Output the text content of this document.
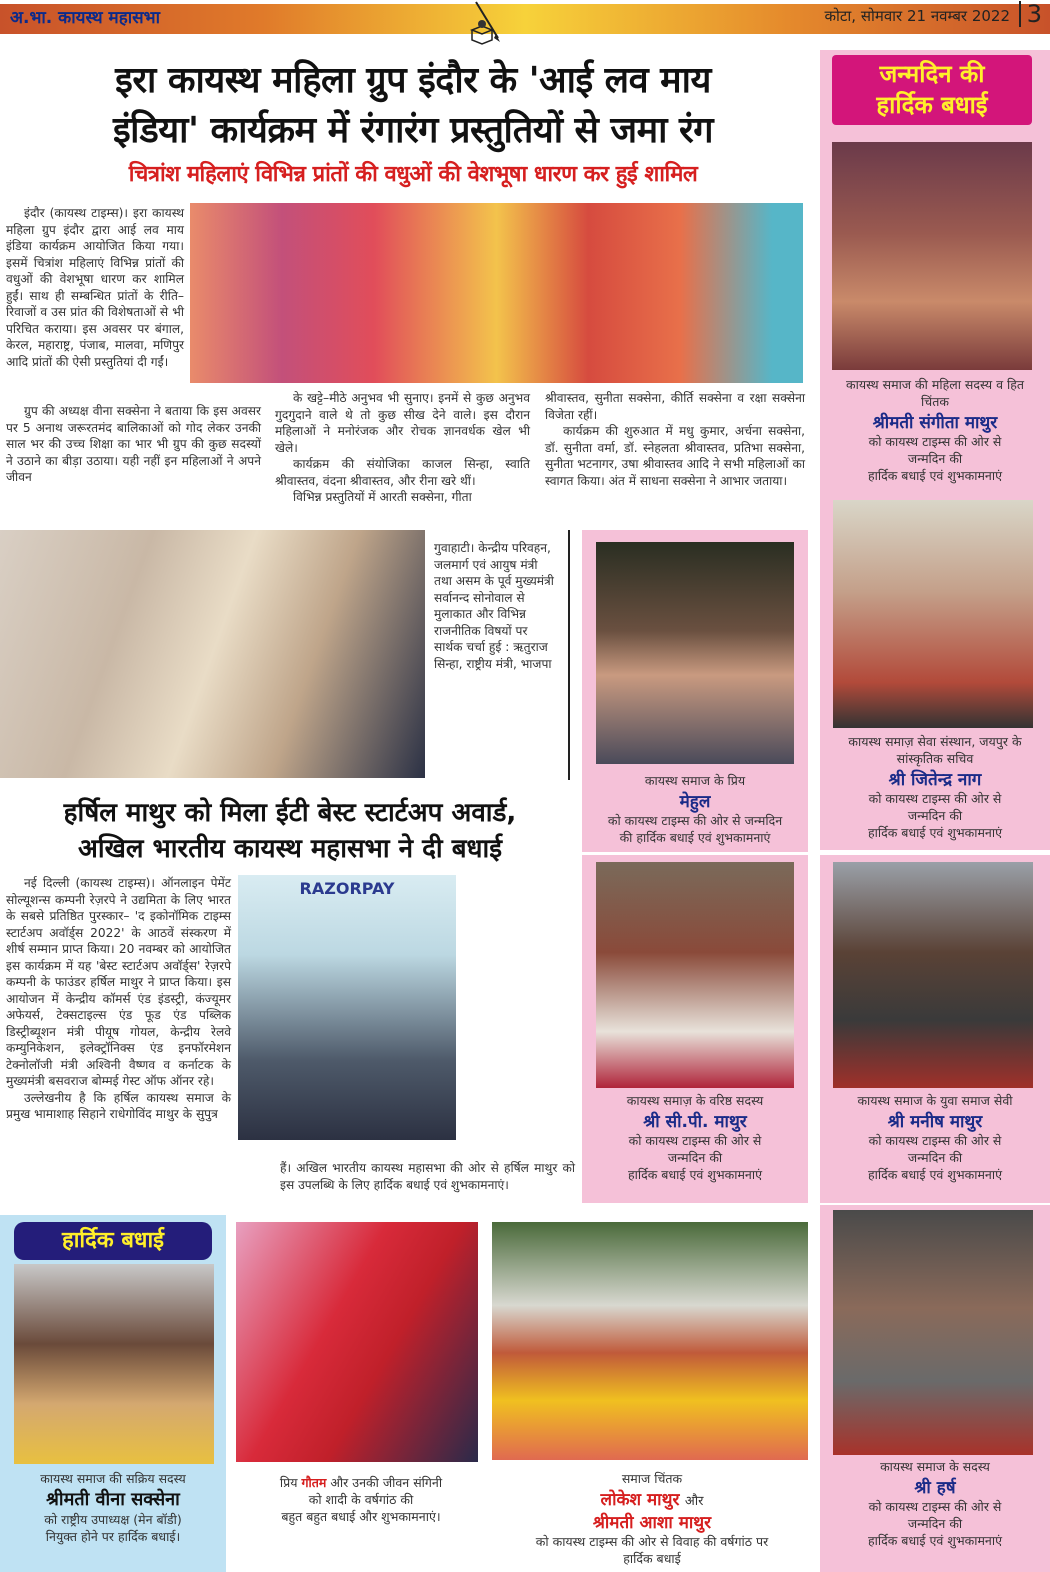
अ.भा. कायस्थ महासभा	कोटा, सोमवार 21 नवम्बर 2022 3
इरा कायस्थ महिला ग्रुप इंदौर के 'आई लव माय
इंडिया' कार्यक्रम में रंगारंग प्रस्तुतियों से जमा रंग
चित्रांश महिलाएं विभिन्न प्रांतों की वधुओं की वेशभूषा धारण कर हुई शामिल

इंदौर (कायस्थ टाइम्स)। इरा कायस्थ महिला ग्रुप इंदौर द्वारा आई लव माय इंडिया कार्यक्रम आयोजित किया गया। इसमें चित्रांश महिलाएं विभिन्न प्रांतों की वधुओं की वेशभूषा धारण कर शामिल हुईं। साथ ही सम्बन्धित प्रांतों के रीति–रिवाजों व उस प्रांत की विशेषताओं से भी परिचित कराया। इस अवसर पर बंगाल, केरल, महाराष्ट्र, पंजाब, मालवा, मणिपुर आदि प्रांतों की ऐसी प्रस्तुतियां दी गईं।

ग्रुप की अध्यक्ष वीना सक्सेना ने बताया कि इस अवसर पर 5 अनाथ जरूरतमंद बालिकाओं को गोद लेकर उनकी साल भर की उच्च शिक्षा का भार भी ग्रुप की कुछ सदस्यों ने उठाने का बीड़ा उठाया। यही नहीं इन महिलाओं ने अपने जीवन

के खट्टे–मीठे अनुभव भी सुनाए। इनमें से कुछ अनुभव गुदगुदाने वाले थे तो कुछ सीख देने वाले। इस दौरान महिलाओं ने मनोरंजक और रोचक ज्ञानवर्धक खेल भी खेले।

कार्यक्रम की संयोजिका काजल सिन्हा, स्वाति श्रीवास्तव, वंदना श्रीवास्तव, और रीना खरे थीं।

विभिन्न प्रस्तुतियों में आरती सक्सेना, गीता

श्रीवास्तव, सुनीता सक्सेना, कीर्ति सक्सेना व रक्षा सक्सेना विजेता रहीं।

कार्यक्रम की शुरुआत में मधु कुमार, अर्चना सक्सेना, डॉ. सुनीता वर्मा, डॉ. स्नेहलता श्रीवास्तव, प्रतिभा सक्सेना, सुनीता भटनागर, उषा श्रीवास्तव आदि ने सभी महिलाओं का स्वागत किया। अंत में साधना सक्सेना ने आभार जताया।

गुवाहाटी। केन्द्रीय परिवहन, जलमार्ग एवं आयुष मंत्री तथा असम के पूर्व मुख्यमंत्री सर्वानन्द सोनोवाल से मुलाकात और विभिन्न राजनीतिक विषयों पर सार्थक चर्चा हुई : ऋतुराज सिन्हा, राष्ट्रीय मंत्री, भाजपा
हर्षिल माथुर को मिला ईटी बेस्ट स्टार्टअप अवार्ड,
अखिल भारतीय कायस्थ महासभा ने दी बधाई

नई दिल्ली (कायस्थ टाइम्स)। ऑनलाइन पेमेंट सोल्यूशन्स कम्पनी रेज़रपे ने उद्यमिता के लिए भारत के सबसे प्रतिष्ठित पुरस्कार– 'द इकोनॉमिक टाइम्स स्टार्टअप अवॉर्ड्स 2022' के आठवें संस्करण में शीर्ष सम्मान प्राप्त किया। 20 नवम्बर को आयोजित इस कार्यक्रम में यह 'बेस्ट स्टार्टअप अवॉर्ड्स' रेज़रपे कम्पनी के फाउंडर हर्षिल माथुर ने प्राप्त किया। इस आयोजन में केन्द्रीय कॉमर्स एंड इंडस्ट्री, कंज्यूमर अफेयर्स, टेक्सटाइल्स एंड फूड एंड पब्लिक डिस्ट्रीब्यूशन मंत्री पीयूष गोयल, केन्द्रीय रेलवे कम्युनिकेशन, इलेक्ट्रॉनिक्स एंड इनफॉरमेशन टेक्नोलॉजी मंत्री अश्विनी वैष्णव व कर्नाटक के मुख्यमंत्री बसवराज बोम्मई गेस्ट ऑफ ऑनर रहे।

उल्लेखनीय है कि हर्षिल कायस्थ समाज के प्रमुख भामाशाह सिहाने राधेगोविंद माथुर के सुपुत्र

RAZORPAY

हैं। अखिल भारतीय कायस्थ महासभा की ओर से हर्षिल माथुर को इस उपलब्धि के लिए हार्दिक बधाई एवं शुभकामनाएं।

जन्मदिन की
हार्दिक बधाई
कायस्थ समाज की महिला सदस्य व हित चिंतक
श्रीमती संगीता माथुर
को कायस्थ टाइम्स की ओर से
जन्मदिन की
हार्दिक बधाई एवं शुभकामनाएं
कायस्थ समाज़ सेवा संस्थान, जयपुर के सांस्कृतिक सचिव
श्री जितेन्द्र नाग
को कायस्थ टाइम्स की ओर से
जन्मदिन की
हार्दिक बधाई एवं शुभकामनाएं
कायस्थ समाज के प्रिय
मेहुल
को कायस्थ टाइम्स की ओर से जन्मदिन
की हार्दिक बधाई एवं शुभकामनाएं
कायस्थ समाज़ के वरिष्ठ सदस्य
श्री सी.पी. माथुर
को कायस्थ टाइम्स की ओर से
जन्मदिन की
हार्दिक बधाई एवं शुभकामनाएं
कायस्थ समाज के युवा समाज सेवी
श्री मनीष माथुर
को कायस्थ टाइम्स की ओर से
जन्मदिन की
हार्दिक बधाई एवं शुभकामनाएं
कायस्थ समाज के सदस्य
श्री हर्ष
को कायस्थ टाइम्स की ओर से
जन्मदिन की
हार्दिक बधाई एवं शुभकामनाएं
हार्दिक बधाई
कायस्थ समाज की सक्रिय सदस्य
श्रीमती वीना सक्सेना
को राष्ट्रीय उपाध्यक्ष (मेन बॉडी)
नियुक्त होने पर हार्दिक बधाई।
प्रिय गौतम और उनकी जीवन संगिनी
को शादी के वर्षगांठ की
बहुत बहुत बधाई और शुभकामनाएं।
समाज चिंतक
लोकेश माथुर और
श्रीमती आशा माथुर
को कायस्थ टाइम्स की ओर से विवाह की वर्षगांठ पर
हार्दिक बधाई
